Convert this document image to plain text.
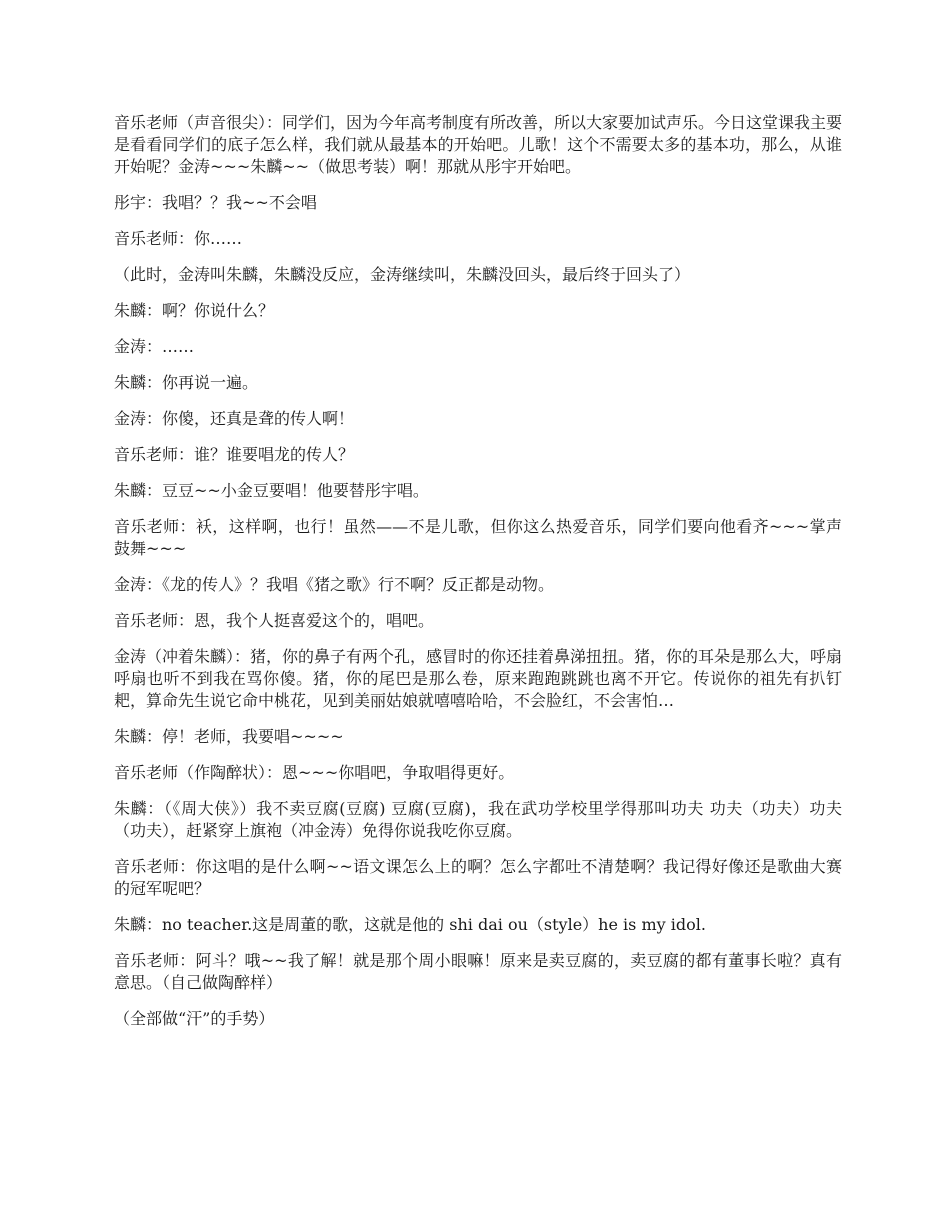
音乐老师（声音很尖）：同学们，因为今年高考制度有所改善，所以大家要加试声乐。今日这堂课我主要是看看同学们的底子怎么样，我们就从最基本的开始吧。儿歌！这个不需要太多的基本功，那么，从谁开始呢？金涛~~~朱麟~~（做思考装）啊！那就从彤宇开始吧。

彤宇：我唱？？我~~不会唱

音乐老师：你……

（此时，金涛叫朱麟，朱麟没反应，金涛继续叫，朱麟没回头，最后终于回头了）

朱麟：啊？你说什么？

金涛：……

朱麟：你再说一遍。

金涛：你傻，还真是聋的传人啊！

音乐老师：谁？谁要唱龙的传人？

朱麟：豆豆~~小金豆要唱！他要替彤宇唱。

音乐老师：袄，这样啊，也行！虽然——不是儿歌，但你这么热爱音乐，同学们要向他看齐~~~掌声鼓舞~~~

金涛：《龙的传人》？我唱《猪之歌》行不啊？反正都是动物。

音乐老师：恩，我个人挺喜爱这个的，唱吧。

金涛（冲着朱麟）：猪，你的鼻子有两个孔，感冒时的你还挂着鼻涕扭扭。猪，你的耳朵是那么大，呼扇呼扇也听不到我在骂你傻。猪，你的尾巴是那么卷，原来跑跑跳跳也离不开它。传说你的祖先有扒钉耙，算命先生说它命中桃花，见到美丽姑娘就嘻嘻哈哈，不会脸红，不会害怕…

朱麟：停！老师，我要唱~~~~

音乐老师（作陶醉状）：恩~~~你唱吧，争取唱得更好。

朱麟：（《周大侠》）我不卖豆腐(豆腐) 豆腐(豆腐)，我在武功学校里学得那叫功夫 功夫（功夫）功夫（功夫），赶紧穿上旗袍（冲金涛）免得你说我吃你豆腐。

音乐老师：你这唱的是什么啊~~语文课怎么上的啊？怎么字都吐不清楚啊？我记得好像还是歌曲大赛的冠军呢吧？

朱麟：no teacher.这是周董的歌，这就是他的 shi dai ou（style）he is my idol.

音乐老师：阿斗？哦~~我了解！就是那个周小眼嘛！原来是卖豆腐的，卖豆腐的都有董事长啦？真有意思。（自己做陶醉样）

（全部做“汗”的手势）
